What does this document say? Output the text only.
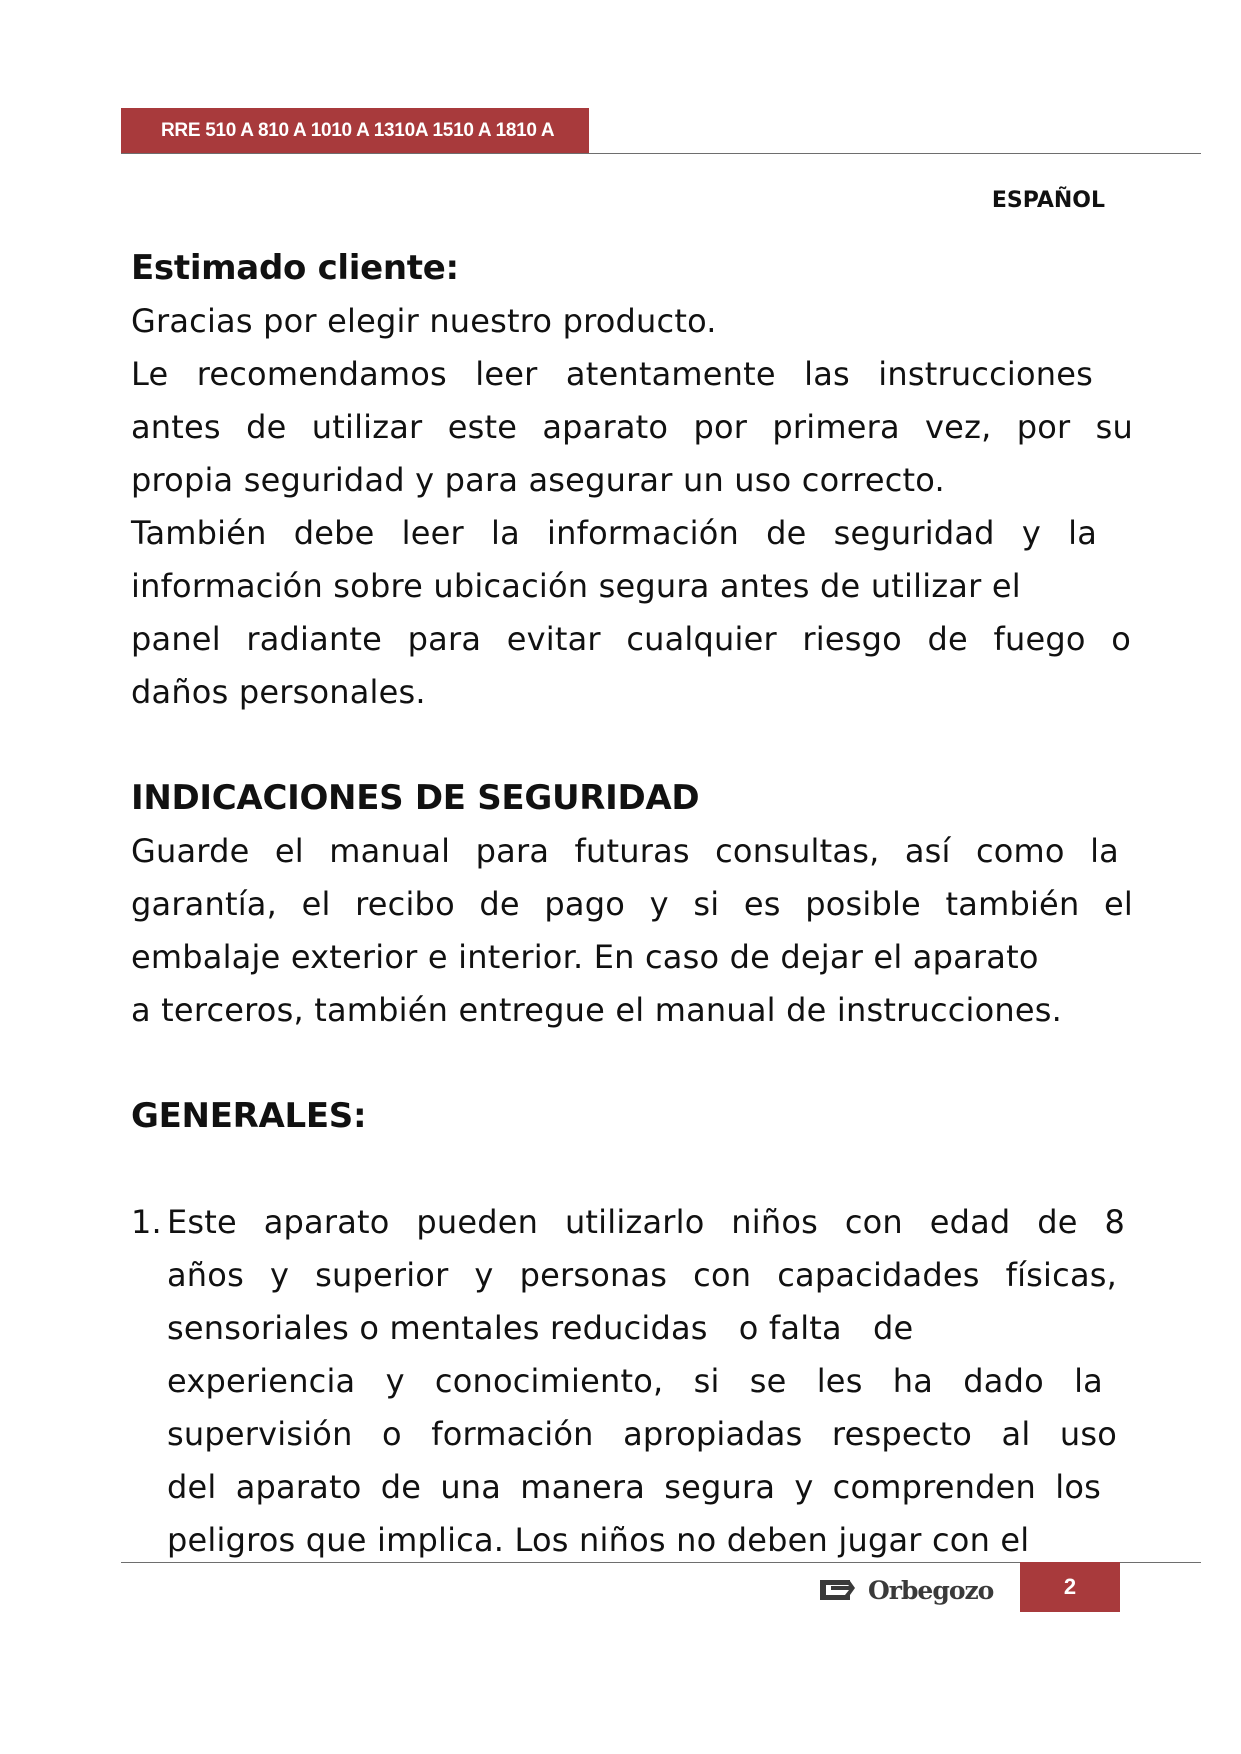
RRE 510 A 810 A 1010 A 1310A 1510 A 1810 A
ESPAÑOL
Estimado cliente:
Gracias por elegir nuestro producto.
Le recomendamos leer atentamente las instrucciones
antes de utilizar este aparato por primera vez, por su
propia seguridad y para asegurar un uso correcto.
También debe leer la información de seguridad y la
información sobre ubicación segura antes de utilizar el
panel radiante para evitar cualquier riesgo de fuego o
daños personales.
INDICACIONES DE SEGURIDAD
Guarde el manual para futuras consultas, así como la
garantía, el recibo de pago y si es posible también el
embalaje exterior e interior. En caso de dejar el aparato
a terceros, también entregue el manual de instrucciones.
GENERALES:
1. Este aparato pueden utilizarlo niños con edad de 8
años y superior y personas con capacidades físicas,
sensoriales o mentales reducidas   o falta   de
experiencia y conocimiento, si se les ha dado la
supervisión o formación apropiadas respecto al uso
del aparato de una manera segura y comprenden los
peligros que implica. Los niños no deben jugar con el
Orbegozo	2
